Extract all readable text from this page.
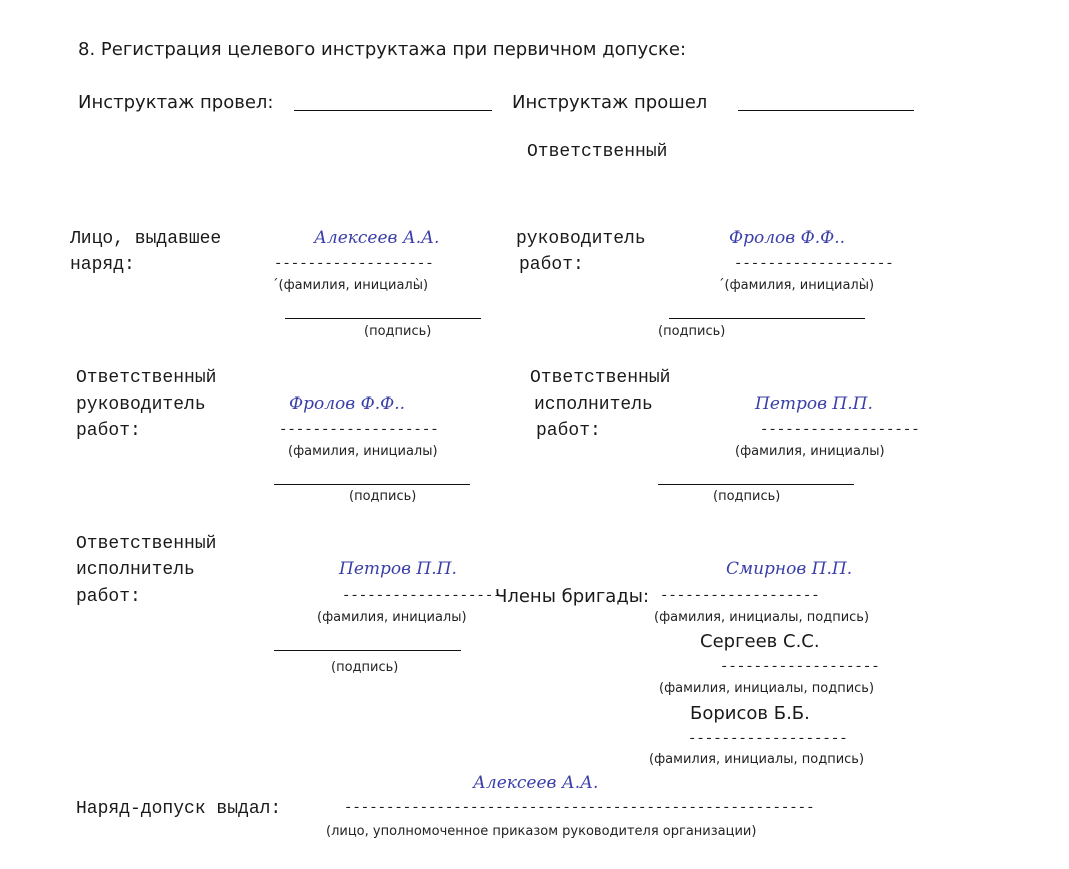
8. Регистрация целевого инструктажа при первичном допуске:
Инструктаж провел:	Инструктаж прошел
Ответственный
Лицо, выдавшее
наряд:
Алексеев А.А.
-------------------
΄(фамилия, инициалы̀)
(подпись)
руководитель
работ:
Фролов Ф.Ф..
-------------------
΄(фамилия, инициалы̀)
(подпись)
Ответственный
руководитель
работ:
Фролов Ф.Ф..
-------------------
(фамилия, инициалы)
(подпись)
Ответственный
исполнитель
работ:
Петров П.П.
-------------------
(фамилия, инициалы)
(подпись)
Ответственный
исполнитель
работ:
Петров П.П.
-------------------
(фамилия, инициалы)
(подпись)
Члены бригады:
Смирнов П.П.
-------------------
(фамилия, инициалы, подпись)
Сергеев С.С.
-------------------
(фамилия, инициалы, подпись)
Борисов Б.Б.
-------------------
(фамилия, инициалы, подпись)
Алексеев А.А.
Наряд-допуск выдал:	--------------------------------------------------------
(лицо, уполномоченное приказом руководителя организации)
